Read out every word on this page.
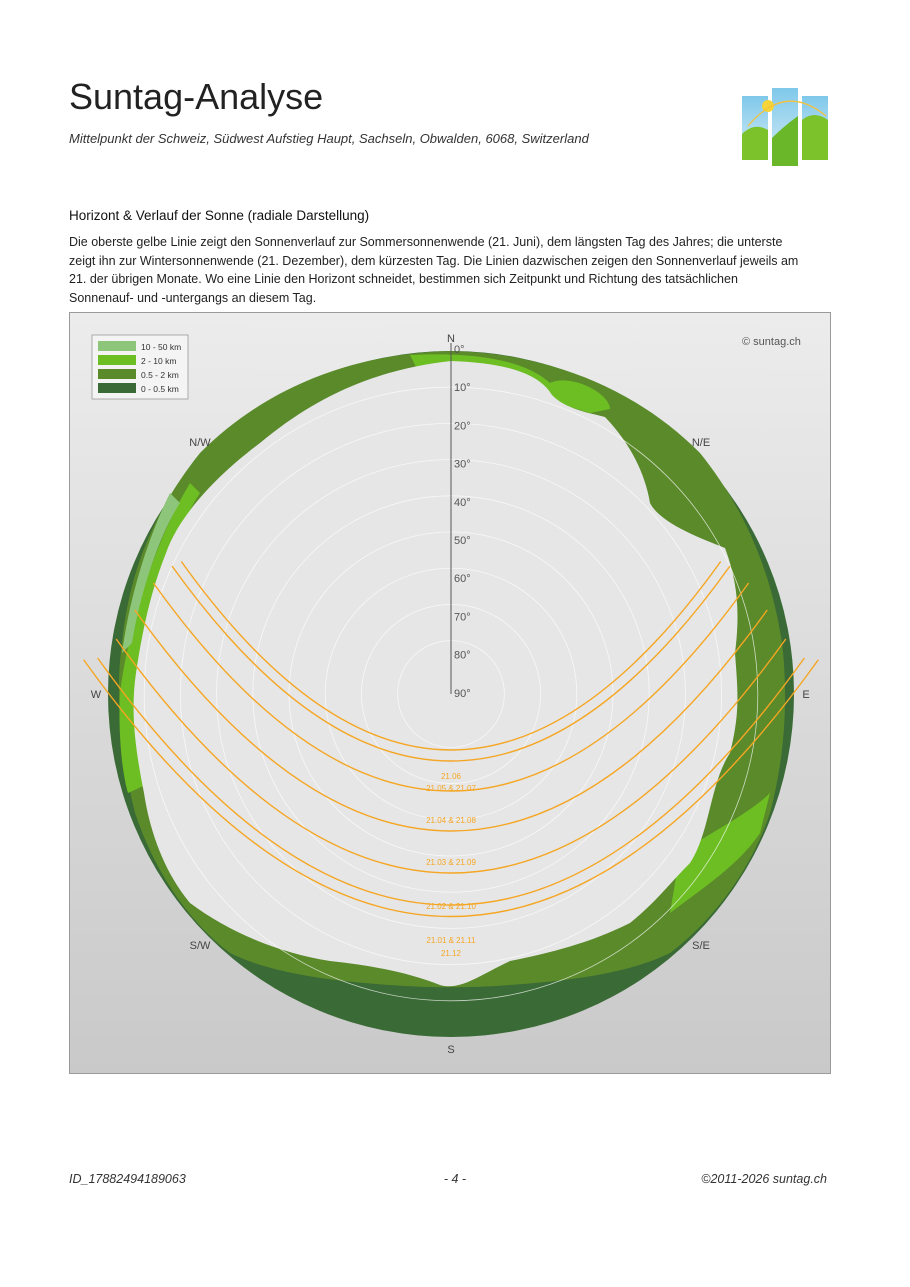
Suntag-Analyse
Mittelpunkt der Schweiz, Südwest Aufstieg Haupt, Sachseln, Obwalden, 6068, Switzerland
Horizont & Verlauf der Sonne (radiale Darstellung)

Die oberste gelbe Linie zeigt den Sonnenverlauf zur Sommersonnenwende (21. Juni), dem längsten Tag des Jahres; die unterste zeigt ihn zur Wintersonnenwende (21. Dezember), dem kürzesten Tag. Die Linien dazwischen zeigen den Sonnenverlauf jeweils am 21. der übrigen Monate. Wo eine Linie den Horizont schneidet, bestimmen sich Zeitpunkt und Richtung des tatsächlichen Sonnenauf- und -untergangs an diesem Tag.

21.06
21.05 & 21.07
21.04 & 21.08
21.03 & 21.09
21.02 & 21.10
21.01 & 21.11
21.12
0°
10°
20°
30°
40°
50°
60°
70°
80°
90°
N
N/E
E
S/E
S
S/W
W
N/W
© suntag.ch
10 - 50 km
2 - 10 km
0.5 - 2 km
0 - 0.5 km
ID_17882494189063	- 4 -	©2011-2026 suntag.ch
